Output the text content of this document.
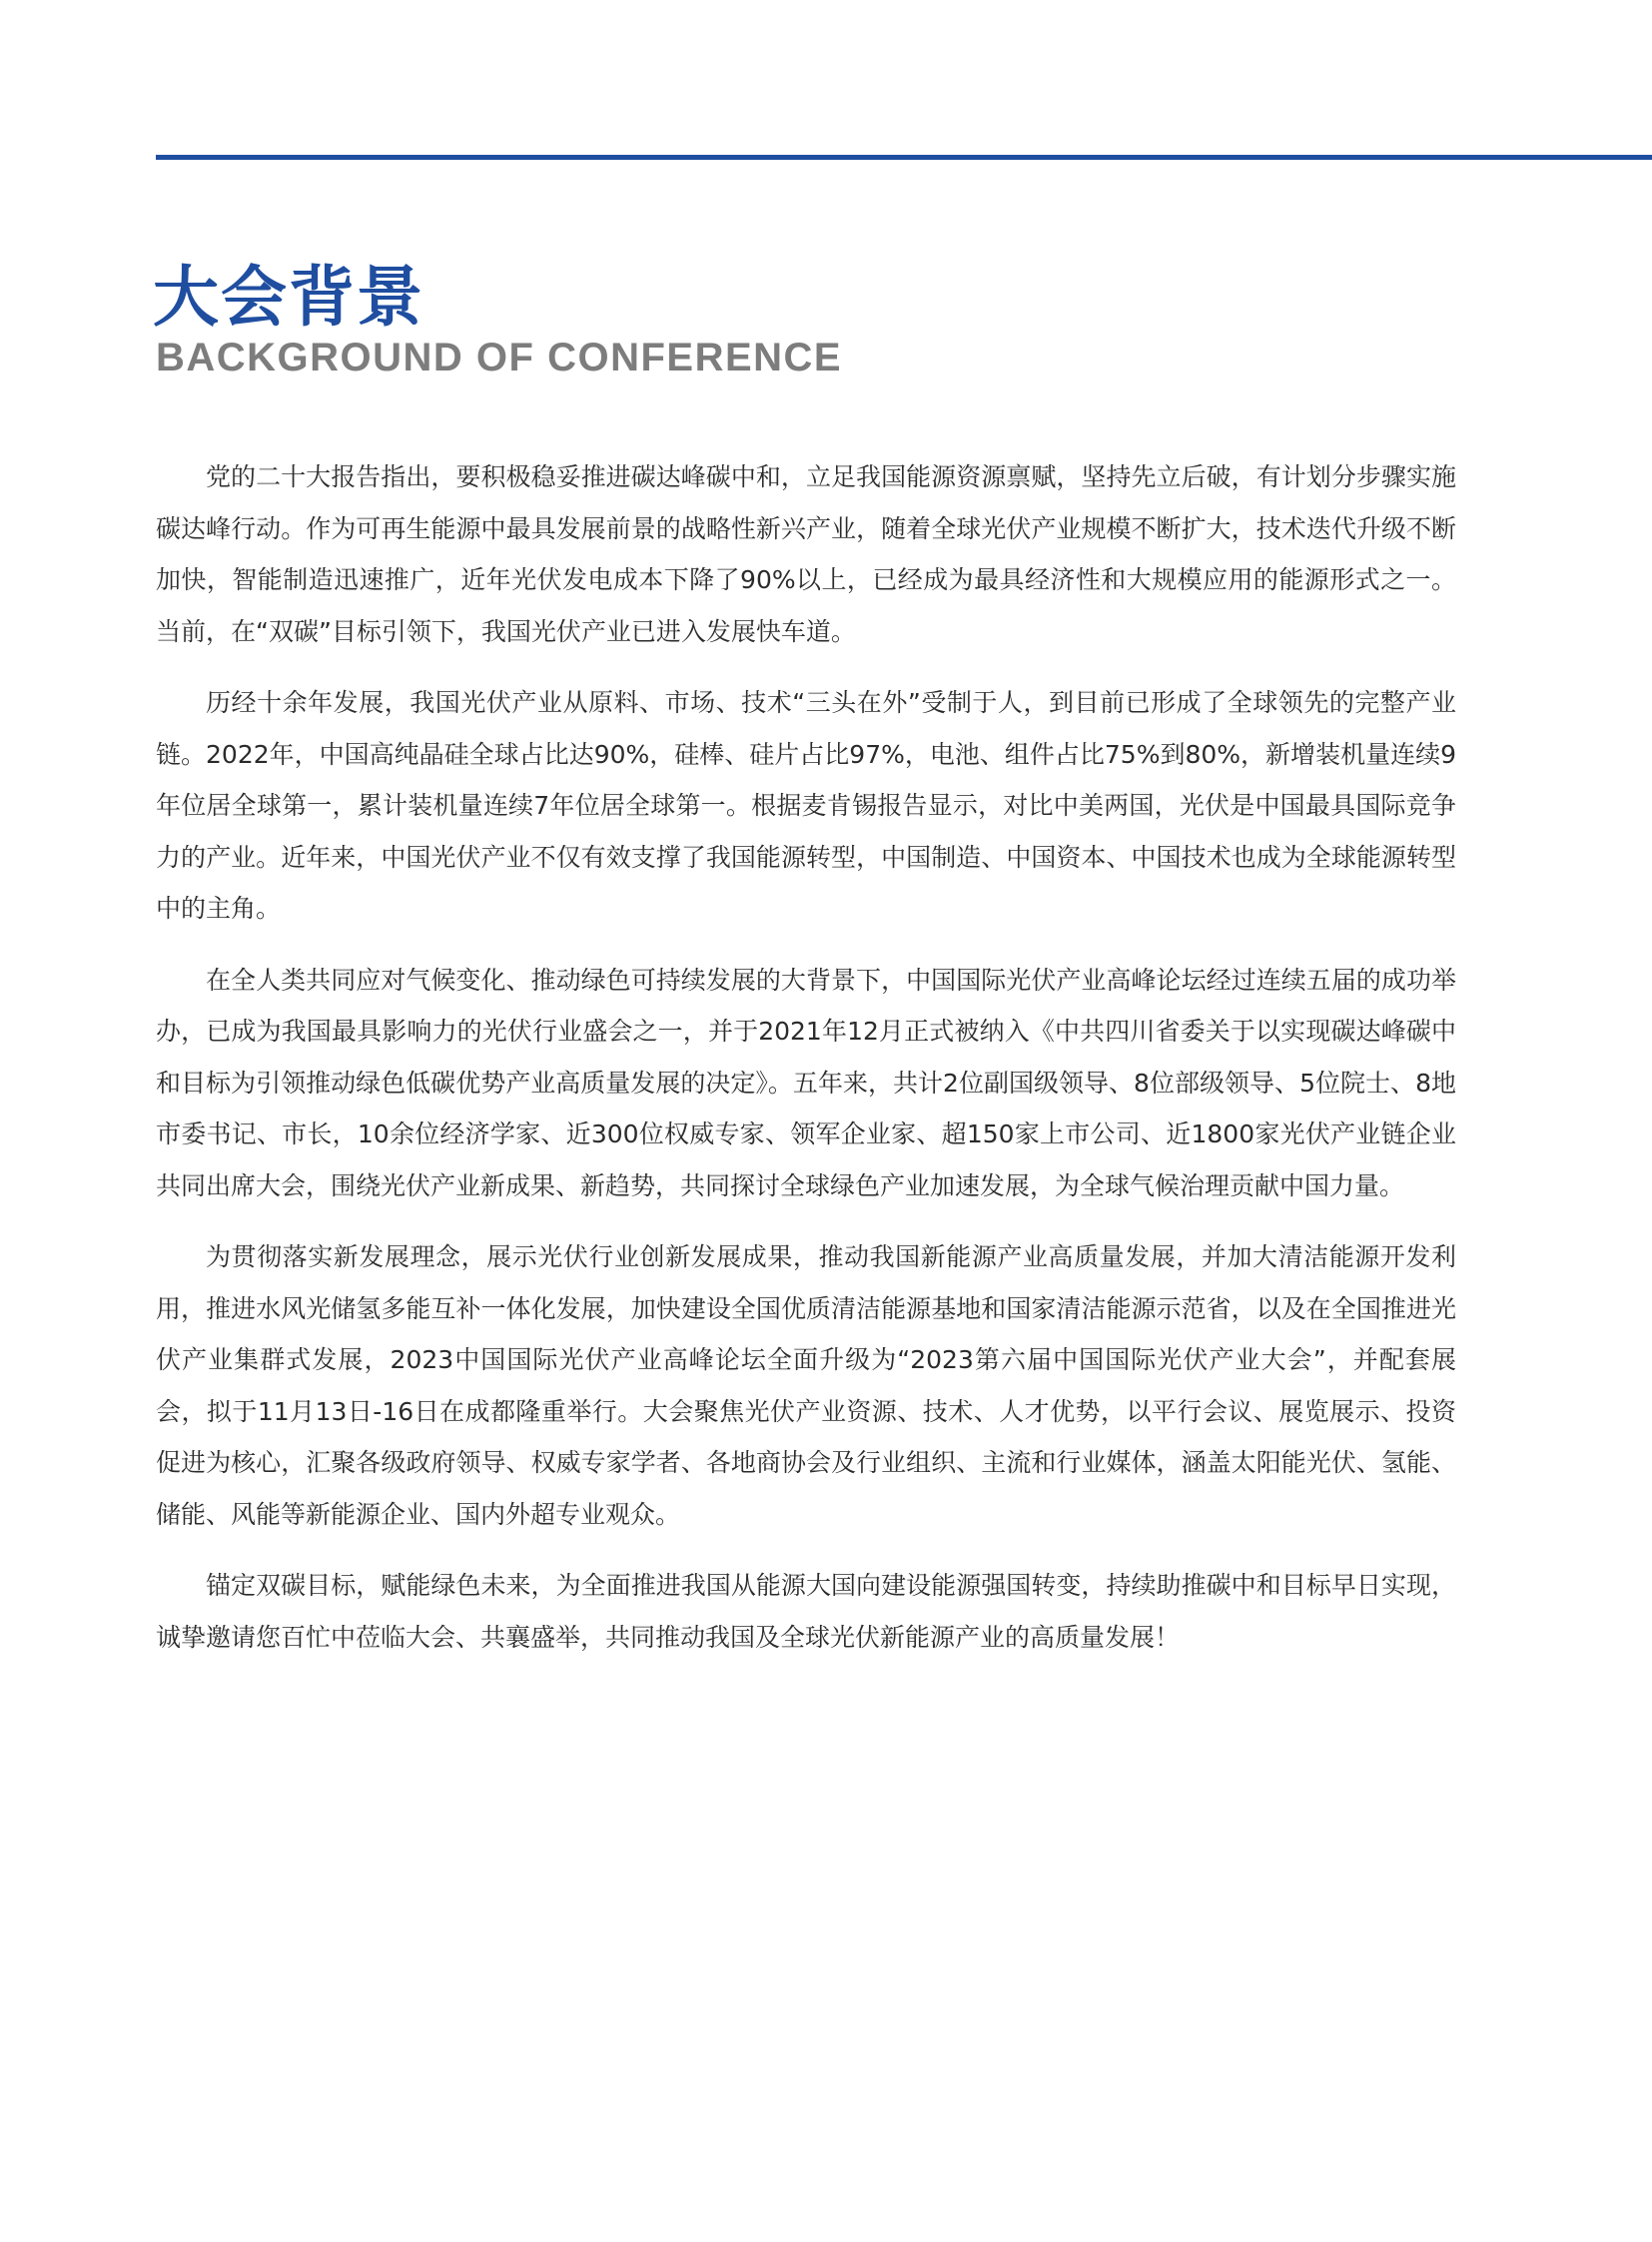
大会背景
BACKGROUND OF CONFERENCE

党的二十大报告指出，要积极稳妥推进碳达峰碳中和，立足我国能源资源禀赋，坚持先立后破，有计划分步骤实施碳达峰行动。作为可再生能源中最具发展前景的战略性新兴产业，随着全球光伏产业规模不断扩大，技术迭代升级不断加快，智能制造迅速推广，近年光伏发电成本下降了90%以上，已经成为最具经济性和大规模应用的能源形式之一。当前，在“双碳”目标引领下，我国光伏产业已进入发展快车道。

历经十余年发展，我国光伏产业从原料、市场、技术“三头在外”受制于人，到目前已形成了全球领先的完整产业链。2022年，中国高纯晶硅全球占比达90%，硅棒、硅片占比97%，电池、组件占比75%到80%，新增装机量连续9年位居全球第一，累计装机量连续7年位居全球第一。根据麦肯锡报告显示，对比中美两国，光伏是中国最具国际竞争力的产业。近年来，中国光伏产业不仅有效支撑了我国能源转型，中国制造、中国资本、中国技术也成为全球能源转型中的主角。

在全人类共同应对气候变化、推动绿色可持续发展的大背景下，中国国际光伏产业高峰论坛经过连续五届的成功举办，已成为我国最具影响力的光伏行业盛会之一，并于2021年12月正式被纳入《中共四川省委关于以实现碳达峰碳中和目标为引领推动绿色低碳优势产业高质量发展的决定》。五年来，共计2位副国级领导、8位部级领导、5位院士、8地市委书记、市长，10余位经济学家、近300位权威专家、领军企业家、超150家上市公司、近1800家光伏产业链企业共同出席大会，围绕光伏产业新成果、新趋势，共同探讨全球绿色产业加速发展，为全球气候治理贡献中国力量。

为贯彻落实新发展理念，展示光伏行业创新发展成果，推动我国新能源产业高质量发展，并加大清洁能源开发利用，推进水风光储氢多能互补一体化发展，加快建设全国优质清洁能源基地和国家清洁能源示范省，以及在全国推进光伏产业集群式发展，2023中国国际光伏产业高峰论坛全面升级为“2023第六届中国国际光伏产业大会”，并配套展会，拟于11月13日-16日在成都隆重举行。大会聚焦光伏产业资源、技术、人才优势，以平行会议、展览展示、投资促进为核心，汇聚各级政府领导、权威专家学者、各地商协会及行业组织、主流和行业媒体，涵盖太阳能光伏、氢能、储能、风能等新能源企业、国内外超专业观众。

锚定双碳目标，赋能绿色未来，为全面推进我国从能源大国向建设能源强国转变，持续助推碳中和目标早日实现，诚挚邀请您百忙中莅临大会、共襄盛举，共同推动我国及全球光伏新能源产业的高质量发展！
